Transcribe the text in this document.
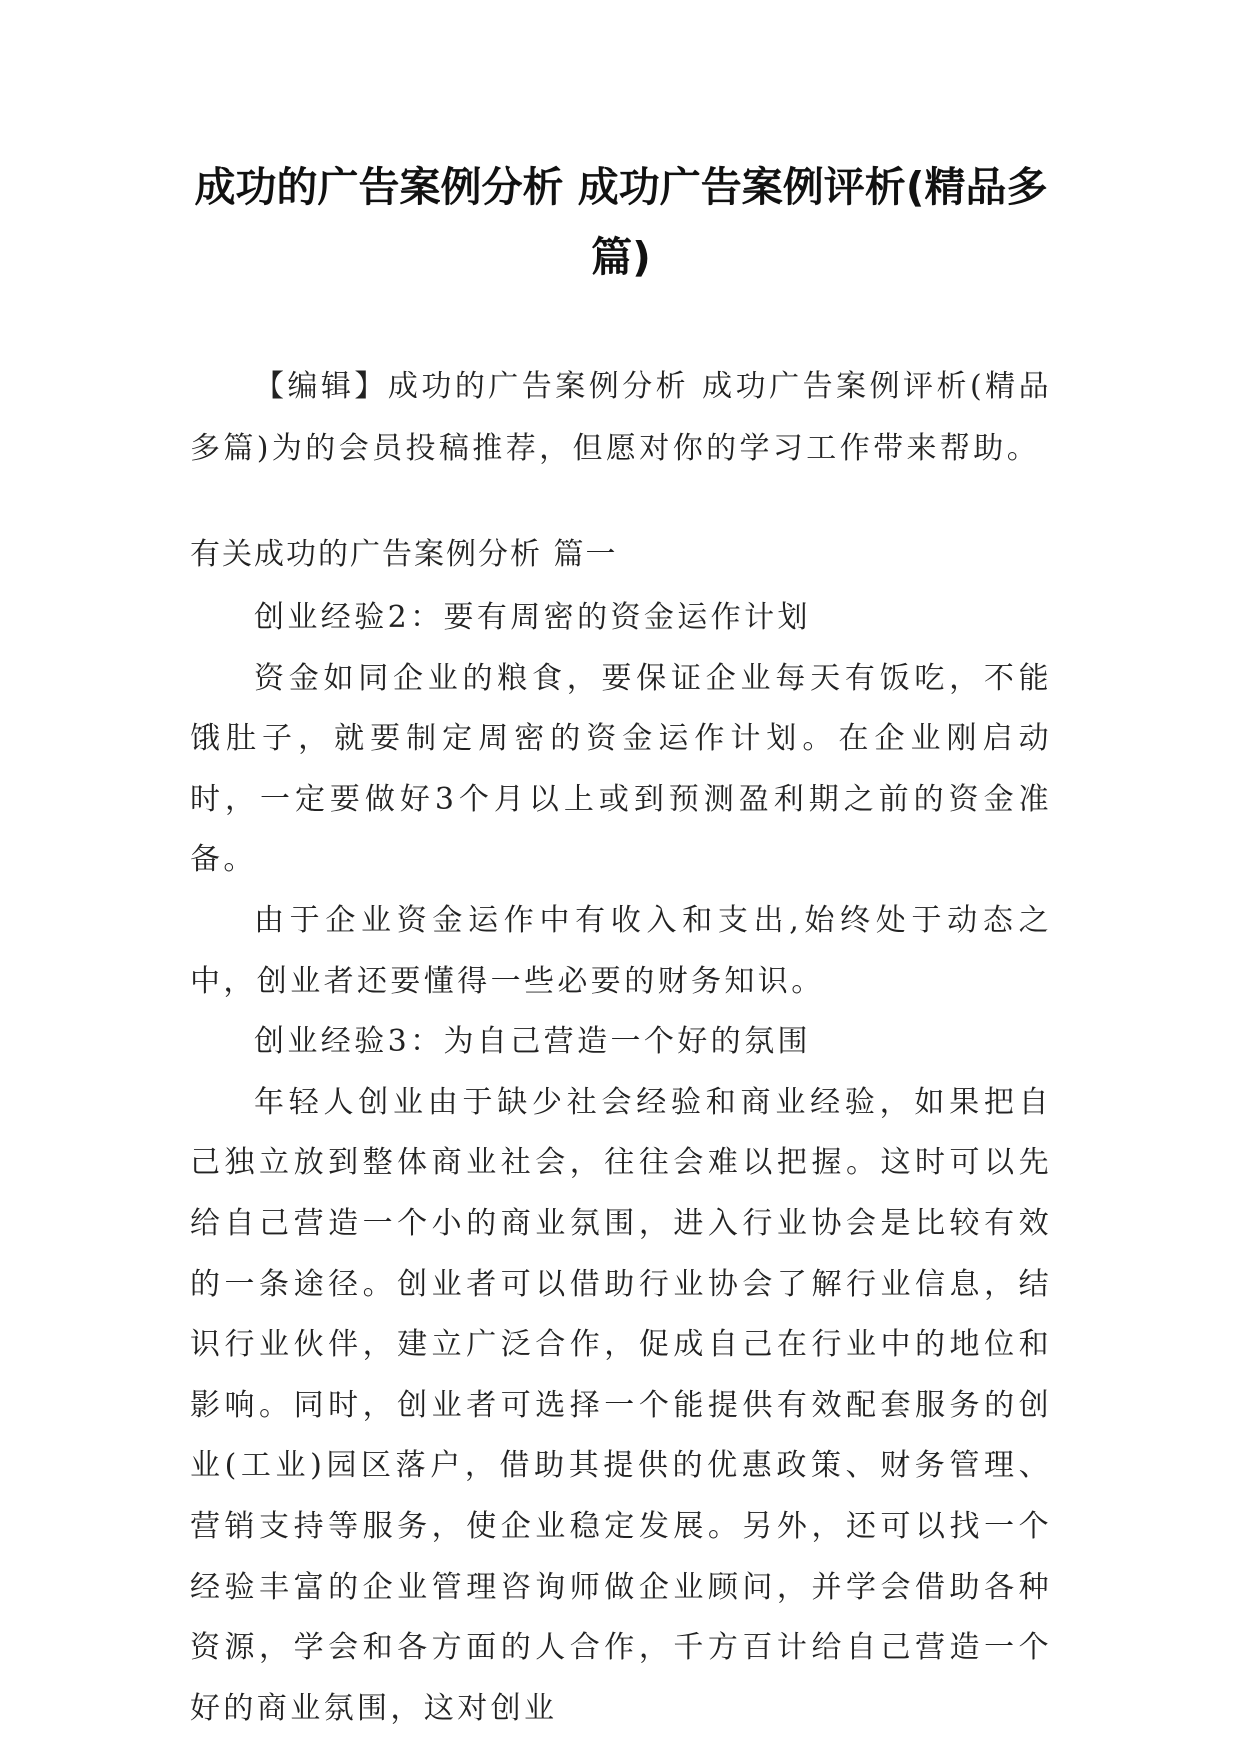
成功的广告案例分析 成功广告案例评析(精品多篇)

【编辑】成功的广告案例分析 成功广告案例评析(精品多篇)为的会员投稿推荐，但愿对你的学习工作带来帮助。

有关成功的广告案例分析 篇一

创业经验2：要有周密的资金运作计划

资金如同企业的粮食，要保证企业每天有饭吃，不能饿肚子，就要制定周密的资金运作计划。在企业刚启动时，一定要做好3个月以上或到预测盈利期之前的资金准备。

由于企业资金运作中有收入和支出,始终处于动态之中，创业者还要懂得一些必要的财务知识。

创业经验3：为自己营造一个好的氛围

年轻人创业由于缺少社会经验和商业经验，如果把自己独立放到整体商业社会，往往会难以把握。这时可以先给自己营造一个小的商业氛围，进入行业协会是比较有效的一条途径。创业者可以借助行业协会了解行业信息，结识行业伙伴，建立广泛合作，促成自己在行业中的地位和影响。同时，创业者可选择一个能提供有效配套服务的创业(工业)园区落户，借助其提供的优惠政策、财务管理、营销支持等服务，使企业稳定发展。另外，还可以找一个经验丰富的企业管理咨询师做企业顾问，并学会借助各种资源，学会和各方面的人合作，千方百计给自己营造一个好的商业氛围，这对创业
